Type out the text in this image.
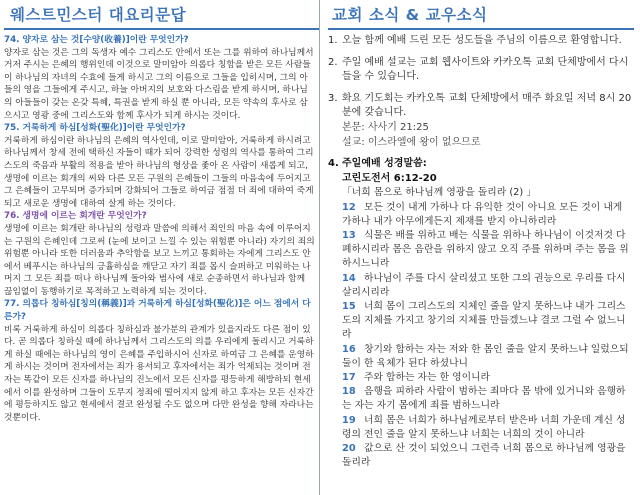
웨스트민스터 대요리문답
74. 양자로 삼는 것[수양(收養)]이란 무엇인가?
양자로 삼는 것은 그의 독생자 예수 그리스도 안에서 또는 그를 위하여 하나님께서 거저 주시는 은혜의 행위인데 이것으로 말미암아 의롭다 칭함을 받은 모든 사람들이 하나님의 자녀의 수효에 들게 하시고 그의 이름으로 그들을 입히시며, 그의 아들의 영을 그들에게 주시고, 하늘 아버지의 보호와 다스림을 받게 하시며, 하나님의 아들들이 갖는 온갖 특혜, 특권을 받게 하실 뿐 아니라, 모든 약속의 후사로 삼으시고 영광 중에 그리스도와 함께 후사가 되게 하시는 것이다.
75. 거룩하게 하심[성화(聖化)]이란 무엇인가?
거룩하게 하심이란 하나님의 은혜의 역사인데, 이로 말미암아, 거룩하게 하시려고 하나님께서 창세 전에 택하신 자들이 때가 되어 강력한 성령의 역사를 통하여 그리스도의 죽음과 부활의 적용을 받아 하나님의 형상을 좇아 온 사람이 새롭게 되고, 생명에 이르는 회개의 씨와 다른 모든 구원의 은혜들이 그들의 마음속에 두어지고 그 은혜들이 고무되며 증가되며 강화되어 그들로 하여금 점점 더 죄에 대하여 죽게 되고 새로운 생명에 대하여 살게 하는 것이다.
76. 생명에 이르는 회개란 무엇인가?
생명에 이르는 회개란 하나님의 성령과 말씀에 의해서 죄인의 마음 속에 이루어지는 구원의 은혜인데 그로써 (눈에 보이고 느낄 수 있는 위험뿐 아니라) 자기의 죄의 위험뿐 아니라 또한 더러움과 추악함을 보고 느끼고 통회하는 자에게 그리스도 안에서 베푸시는 하나님의 긍휼하심을 깨닫고 자기 죄를 몹시 슬퍼하고 미워하는 나머지 그 모든 죄를 떠나 하나님께 돌아와 범사에 새로 순종하면서 하나님과 함께 끊임없이 동행하기로 목적하고 노력하게 되는 것이다.
77. 의롭다 칭하심[칭의(稱義)]과 거룩하게 하심[성화(聖化)]은 어느 점에서 다른가?
비록 거룩하게 하심이 의롭다 칭하심과 불가분의 관계가 있을지라도 다른 점이 있다. 곧 의롭다 칭하실 때에 하나님께서 그리스도의 의를 우리에게 돌리시고 거룩하게 하실 때에는 하나님의 영이 은혜를 주입하시어 신자로 하여금 그 은혜를 운영하게 하시는 것이며 전자에서는 죄가 용서되고 후자에서는 죄가 억제되는 것이며 전자는 똑같이 모든 신자를 하나님의 진노에서 모든 신자를 평등하게 해방하되 현세에서 이를 완성하며 그들이 도무지 정죄에 떨어지지 않게 하고 후자는 모든 신자간에 평등하지도 않고 현세에서 결코 완성될 수도 없으며 다만 완성을 향해 자라나는 것뿐이다.
교회 소식 & 교우소식
1. 오늘 함께 예배 드린 모든 성도들을 주님의 이름으로 환영합니다.
2. 주일 예배 설교는 교회 웹사이트와 카카오톡 교회 단체방에서 다시 들을 수 있습니다.
3. 화요 기도회는 카카오톡 교회 단체방에서 매주 화요일 저녁 8시 20분에 갖습니다.
본문: 사사기 21:25
설교: 이스라엘에 왕이 없으므로
4. 주일예배 성경말씀:
고린도전서 6:12-20
「너희 몸으로 하나님께 영광을 돌리라 (2) 」
12 모든 것이 내게 가하나 다 유익한 것이 아니요 모든 것이 내게 가하나 내가 아무에게든지 제재를 받지 아니하리라
13 식물은 배를 위하고 배는 식물을 위하나 하나님이 이것저것 다 폐하시리라 몸은 음란을 위하지 않고 오직 주를 위하며 주는 몸을 위하시느니라
14 하나님이 주를 다시 살리셨고 또한 그의 권능으로 우리를 다시 살리시리라
15 너희 몸이 그리스도의 지체인 줄을 알지 못하느냐 내가 그리스도의 지체를 가지고 창기의 지체를 만들겠느냐 결코 그럴 수 없느니라
16 창기와 합하는 자는 저와 한 몸인 줄을 알지 못하느냐 일렀으되 둘이 한 육체가 된다 하셨나니
17 주와 합하는 자는 한 영이니라
18 음행을 피하라 사람이 범하는 죄마다 몸 밖에 있거니와 음행하는 자는 자기 몸에게 죄를 범하느니라
19 너희 몸은 너희가 하나님께로부터 받은바 너희 가운데 계신 성령의 전인 줄을 알지 못하느냐 너희는 너희의 것이 아니라
20 값으로 산 것이 되었으니 그런즉 너희 몸으로 하나님께 영광을 돌리라
